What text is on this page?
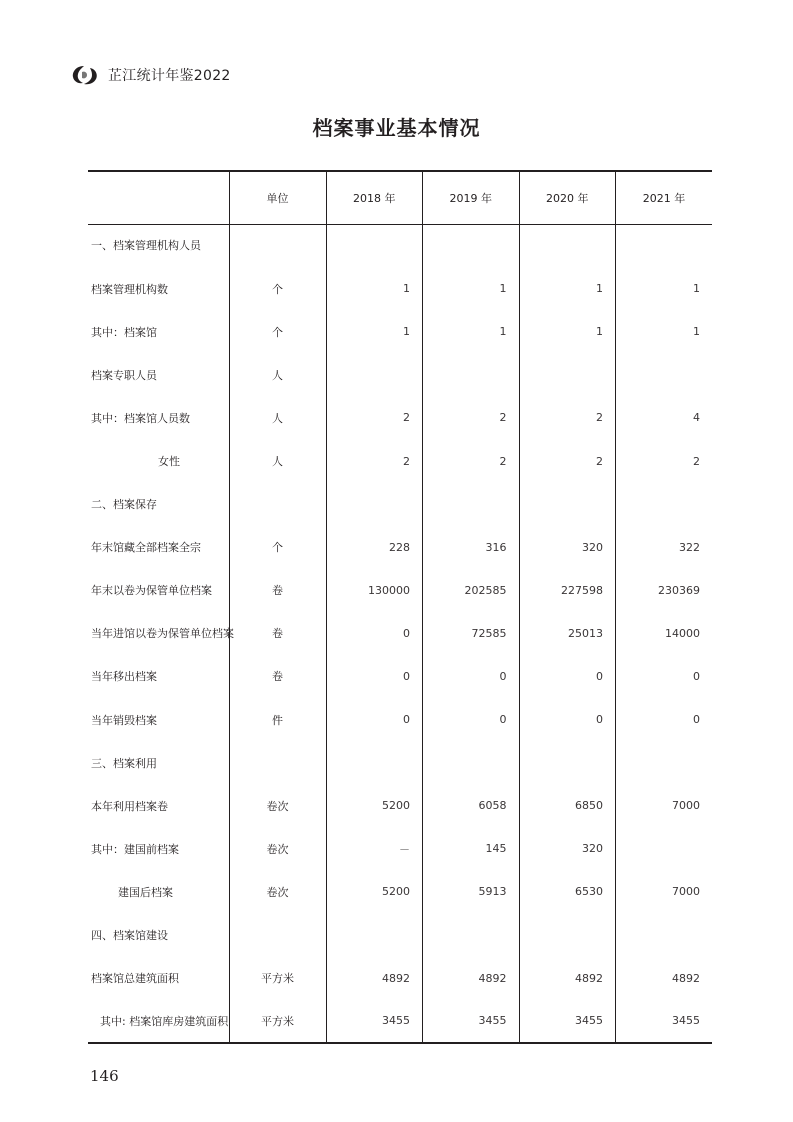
芷江统计年鉴2022
档案事业基本情况
	单位	2018 年	2019 年	2020 年	2021 年
一、档案管理机构人员					
档案管理机构数	个	1	1	1	1
其中：档案馆	个	1	1	1	1
档案专职人员	人				
其中：档案馆人员数	人	2	2	2	4
女性	人	2	2	2	2
二、档案保存					
年末馆藏全部档案全宗	个	228	316	320	322
年末以卷为保管单位档案	卷	130000	202585	227598	230369
当年进馆以卷为保管单位档案	卷	0	72585	25013	14000
当年移出档案	卷	0	0	0	0
当年销毁档案	件	0	0	0	0
三、档案利用					
本年利用档案卷	卷次	5200	6058	6850	7000
其中：建国前档案	卷次	－	145	320	
建国后档案	卷次	5200	5913	6530	7000
四、档案馆建设					
档案馆总建筑面积	平方米	4892	4892	4892	4892
其中: 档案馆库房建筑面积	平方米	3455	3455	3455	3455
146
